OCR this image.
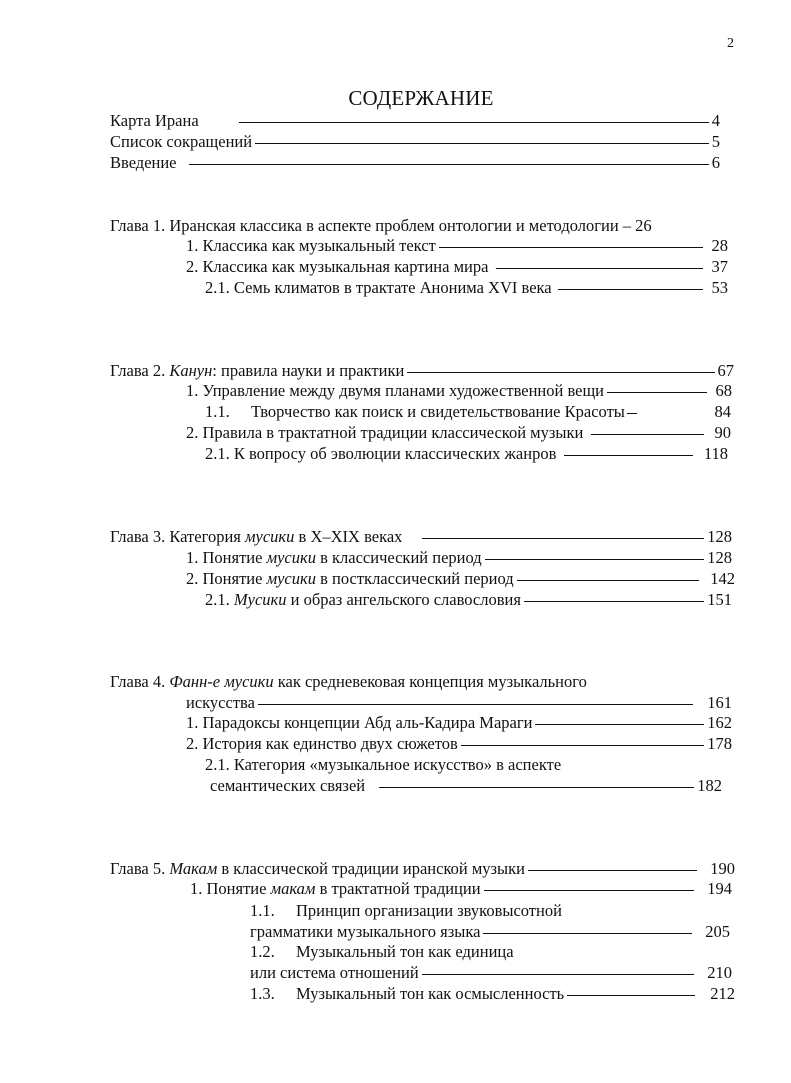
2
СОДЕРЖАНИЕ
Карта Ирана	4
Список сокращений	5
Введение	6
Глава 1. Иранская классика в аспекте проблем онтологии и методологии – 26
1. Классика как музыкальный текст	28
2. Классика как музыкальная картина мира	37
2.1. Семь климатов в трактате Анонима XVI века	53
Глава 2. Канун: правила науки и практики	67
1. Управление между двумя планами художественной вещи	68
1.1. Творчество как поиск и свидетельствование Красоты	84
2. Правила в трактатной традиции классической музыки	90
2.1. К вопросу об эволюции классических жанров	118
Глава 3. Категория мусики в X–XIX веках	128
1. Понятие мусики в классический период	128
2. Понятие мусики в постклассический период	142
2.1. Мусики и образ ангельского славословия	151
Глава 4. Фанн-е мусики как средневековая концепция музыкального
искусства	161
1. Парадоксы концепции Абд аль-Кадира Мараги	162
2. История как единство двух сюжетов	178
2.1. Категория «музыкальное искусство» в аспекте
семантических связей	182
Глава 5. Макам в классической традиции иранской музыки	190
1. Понятие макам в трактатной традиции	194
1.1. Принцип организации звуковысотной
грамматики музыкального языка	205
1.2. Музыкальный тон как единица
или система отношений	210
1.3. Музыкальный тон как осмысленность	212
